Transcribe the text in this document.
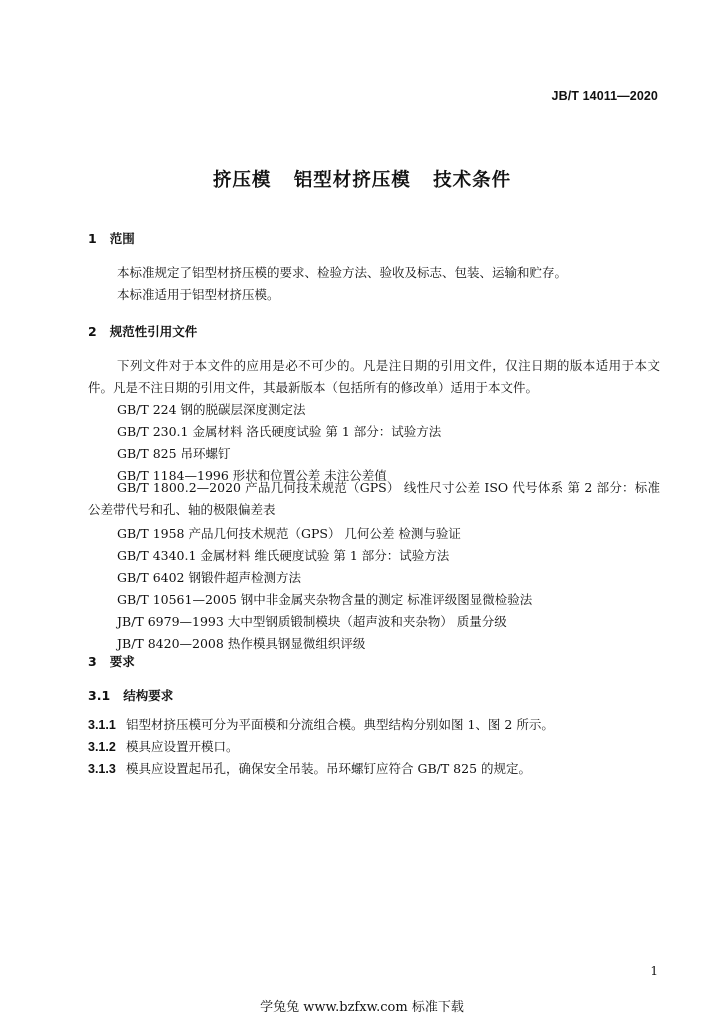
JB/T 14011—2020
挤压模   铝型材挤压模   技术条件
1   范围
本标准规定了铝型材挤压模的要求、检验方法、验收及标志、包装、运输和贮存。
本标准适用于铝型材挤压模。
2   规范性引用文件
下列文件对于本文件的应用是必不可少的。凡是注日期的引用文件，仅注日期的版本适用于本文件。凡是不注日期的引用文件，其最新版本（包括所有的修改单）适用于本文件。
GB/T 224 钢的脱碳层深度测定法
GB/T 230.1 金属材料 洛氏硬度试验 第 1 部分：试验方法
GB/T 825 吊环螺钉
GB/T 1184—1996 形状和位置公差 未注公差值
GB/T 1800.2—2020 产品几何技术规范（GPS） 线性尺寸公差 ISO 代号体系 第 2 部分：标准公差带代号和孔、轴的极限偏差表
GB/T 1958 产品几何技术规范（GPS） 几何公差 检测与验证
GB/T 4340.1 金属材料 维氏硬度试验 第 1 部分：试验方法
GB/T 6402 钢锻件超声检测方法
GB/T 10561—2005 钢中非金属夹杂物含量的测定 标准评级图显微检验法
JB/T 6979—1993 大中型钢质锻制模块（超声波和夹杂物） 质量分级
JB/T 8420—2008 热作模具钢显微组织评级
3   要求
3.1   结构要求
3.1.1 铝型材挤压模可分为平面模和分流组合模。典型结构分别如图 1、图 2 所示。
3.1.2 模具应设置开模口。
3.1.3 模具应设置起吊孔，确保安全吊装。吊环螺钉应符合 GB/T 825 的规定。
1
学兔兔 www.bzfxw.com 标准下载
